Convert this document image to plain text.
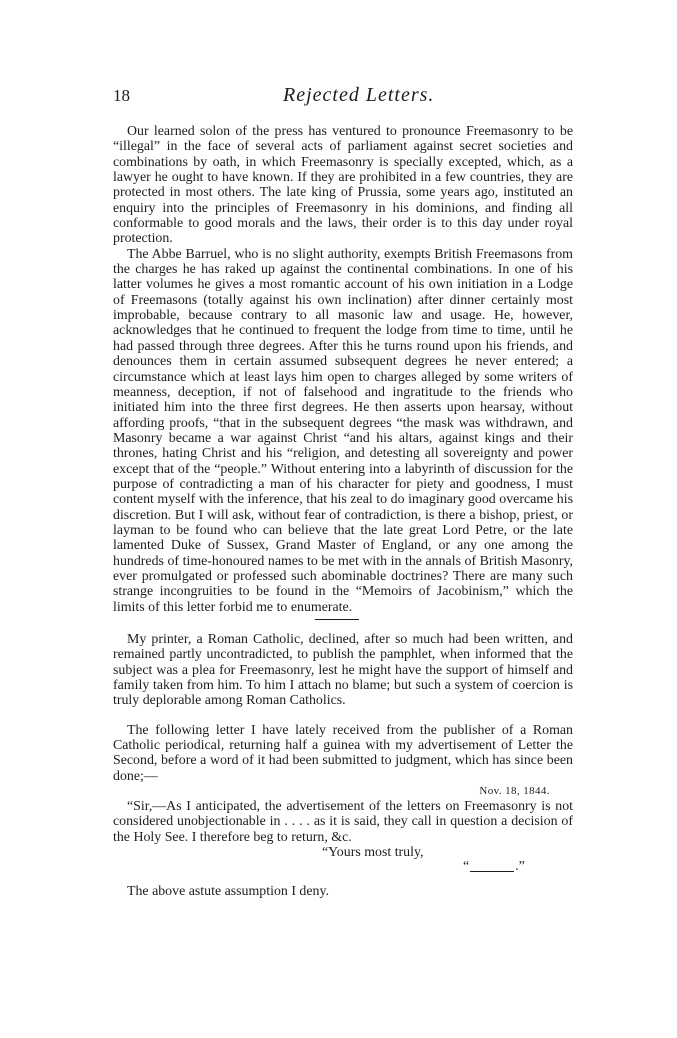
18	Rejected Letters.

Our learned solon of the press has ventured to pronounce Freemasonry to be “illegal” in the face of several acts of parliament against secret societies and combinations by oath, in which Freemasonry is specially excepted, which, as a lawyer he ought to have known. If they are prohibited in a few countries, they are protected in most others. The late king of Prussia, some years ago, instituted an enquiry into the principles of Freemasonry in his dominions, and finding all conformable to good morals and the laws, their order is to this day under royal protection.

The Abbe Barruel, who is no slight authority, exempts British Freemasons from the charges he has raked up against the continental combinations. In one of his latter volumes he gives a most romantic account of his own initiation in a Lodge of Freemasons (totally against his own inclination) after dinner certainly most improbable, because contrary to all masonic law and usage. He, however, acknowledges that he continued to frequent the lodge from time to time, until he had passed through three degrees. After this he turns round upon his friends, and denounces them in certain assumed subsequent degrees he never entered; a circumstance which at least lays him open to charges alleged by some writers of meanness, deception, if not of falsehood and ingratitude to the friends who initiated him into the three first degrees. He then asserts upon hearsay, without affording proofs, “that in the subsequent degrees “the mask was withdrawn, and Masonry became a war against Christ “and his altars, against kings and their thrones, hating Christ and his “religion, and detesting all sovereignty and power except that of the “people.” Without entering into a labyrinth of discussion for the purpose of contradicting a man of his character for piety and goodness, I must content myself with the inference, that his zeal to do imaginary good overcame his discretion. But I will ask, without fear of contradiction, is there a bishop, priest, or layman to be found who can believe that the late great Lord Petre, or the late lamented Duke of Sussex, Grand Master of England, or any one among the hundreds of time-honoured names to be met with in the annals of British Masonry, ever promulgated or professed such abominable doctrines? There are many such strange incongruities to be found in the “Memoirs of Jacobinism,” which the limits of this letter forbid me to enumerate.

My printer, a Roman Catholic, declined, after so much had been written, and remained partly uncontradicted, to publish the pamphlet, when informed that the subject was a plea for Freemasonry, lest he might have the support of himself and family taken from him. To him I attach no blame; but such a system of coercion is truly deplorable among Roman Catholics.

The following letter I have lately received from the publisher of a Roman Catholic periodical, returning half a guinea with my advertisement of Letter the Second, before a word of it had been submitted to judgment, which has since been done;—

Nov. 18, 1844.

“Sir,—As I anticipated, the advertisement of the letters on Freemasonry is not considered unobjectionable in . . . . as it is said, they call in question a decision of the Holy See. I therefore beg to return, &c.

“Yours most truly,
“	.”

The above astute assumption I deny.
